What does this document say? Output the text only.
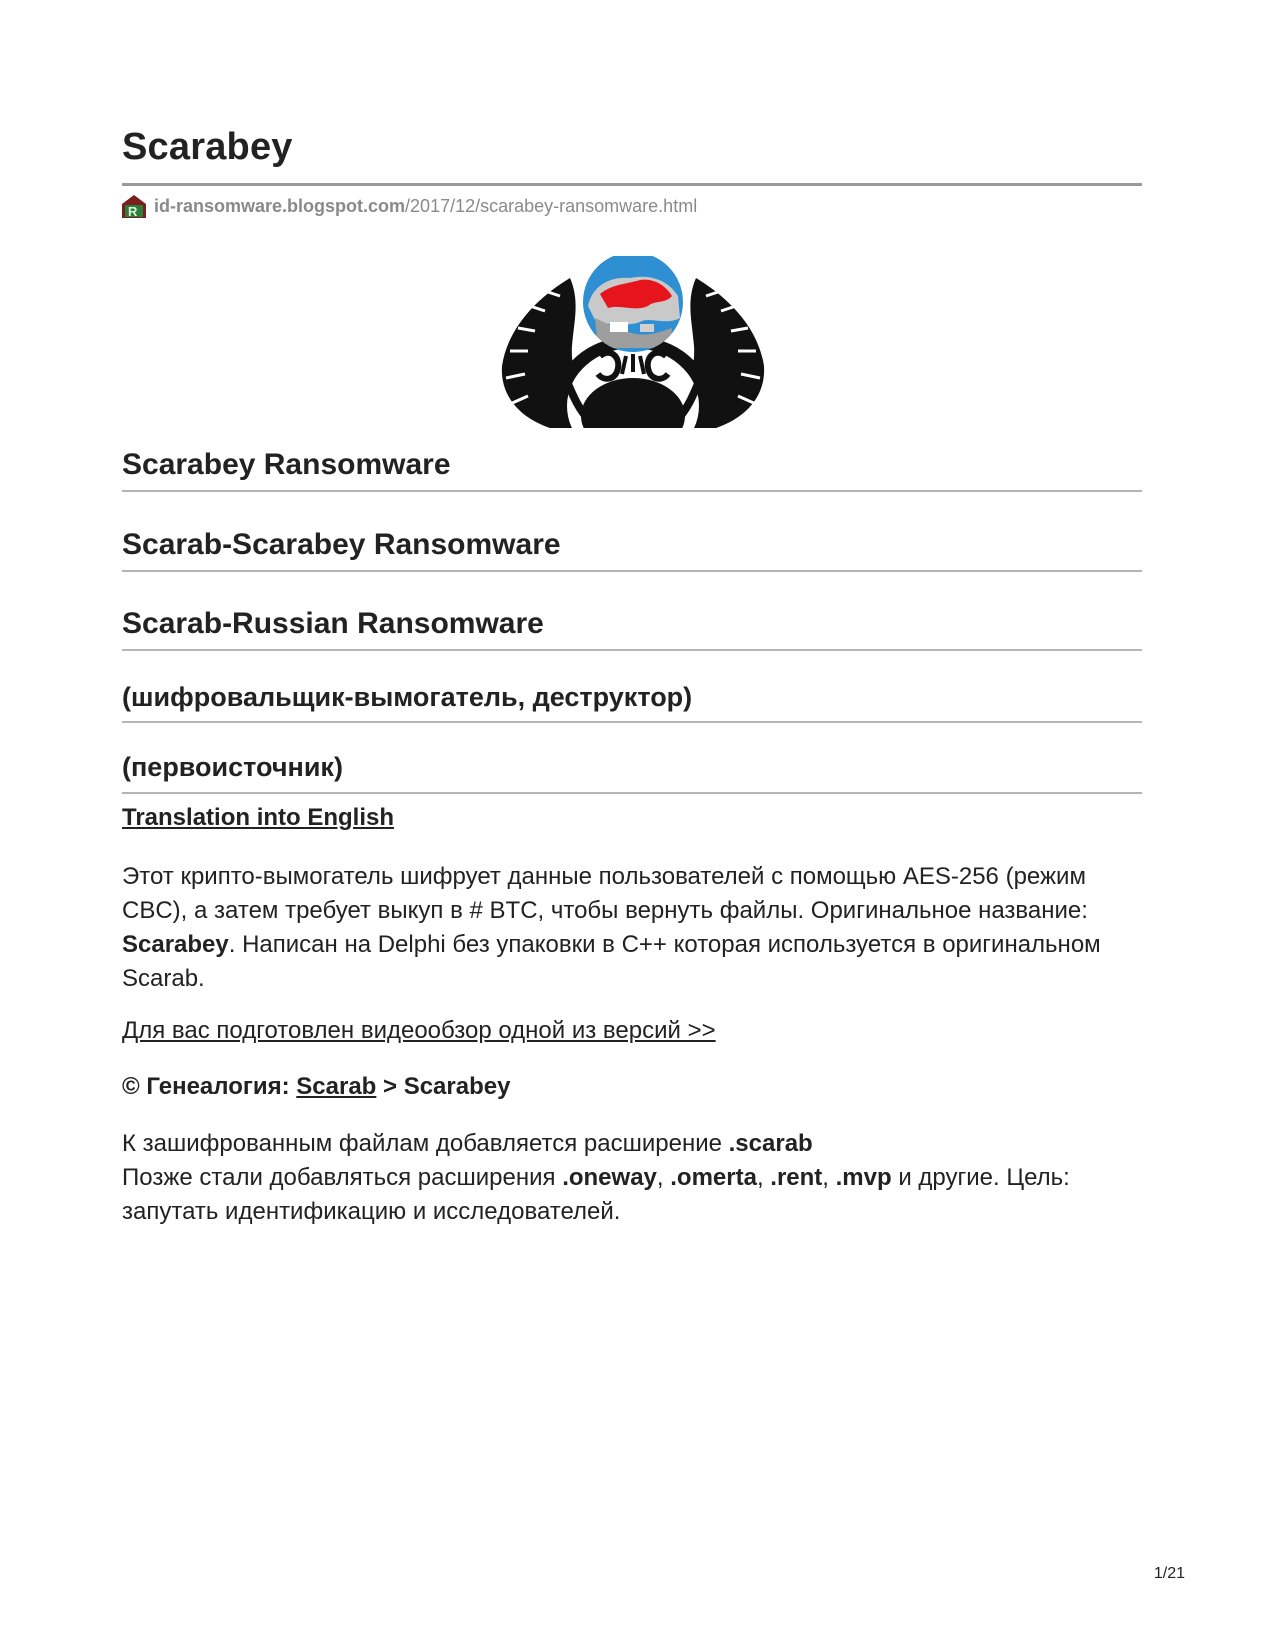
Scarabey
R id-ransomware.blogspot.com /2017/12/scarabey-ransomware.html
Scarabey Ransomware
Scarab-Scarabey Ransomware
Scarab-Russian Ransomware
(шифровальщик-вымогатель, деструктор)
(первоисточник)
Translation into English

Этот крипто-вымогатель шифрует данные пользователей с помощью AES-256 (режим CBC), а затем требует выкуп в # BTC, чтобы вернуть файлы. Оригинальное название: Scarabey. Написан на Delphi без упаковки в C++ которая используется в оригинальном Scarab.

Для вас подготовлен видеообзор одной из версий >>

© Генеалогия: Scarab > Scarabey

К зашифрованным файлам добавляется расширение .scarab
Позже стали добавляться расширения .oneway, .omerta, .rent, .mvp и другие. Цель: запутать идентификацию и исследователей.

1/21
